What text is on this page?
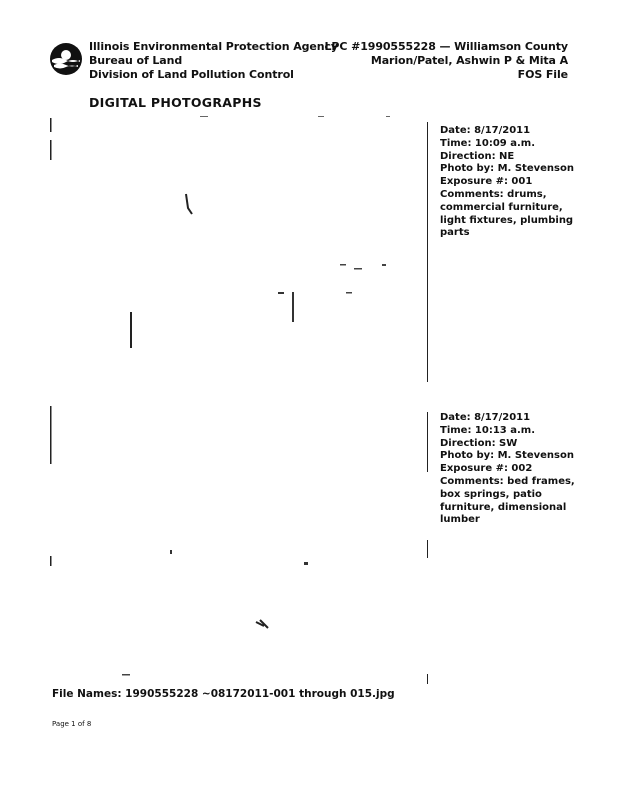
Illinois Environmental Protection Agency
Bureau of Land
Division of Land Pollution Control
LPC #1990555228 — Williamson County
Marion/Patel, Ashwin P & Mita A
FOS File
DIGITAL PHOTOGRAPHS
Date: 8/17/2011
Time: 10:09 a.m.
Direction: NE
Photo by: M. Stevenson
Exposure #: 001
Comments: drums, commercial furniture, light fixtures, plumbing parts
Date: 8/17/2011
Time: 10:13 a.m.
Direction: SW
Photo by: M. Stevenson
Exposure #: 002
Comments: bed frames, box springs, patio furniture, dimensional lumber
File Names: 1990555228 ~08172011-001 through 015.jpg
Page 1 of 8
